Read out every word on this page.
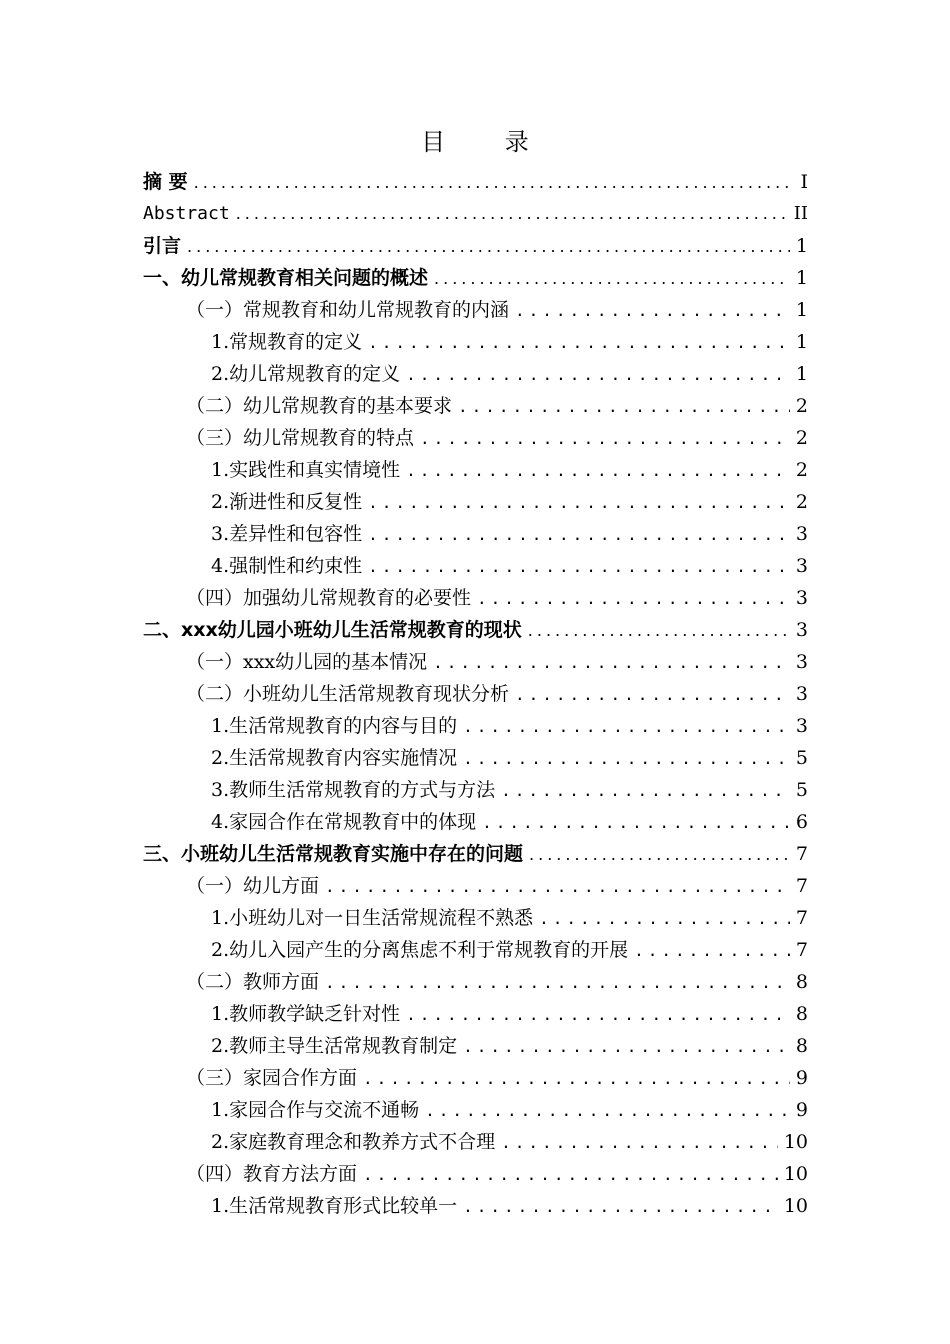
目 录
摘 要 .....	I
Abstract .....	II
引言 .....	1
一、幼儿常规教育相关问题的概述 .....	1
（一）常规教育和幼儿常规教育的内涵 .....	1
1.常规教育的定义 .....	1
2.幼儿常规教育的定义 .....	1
（二）幼儿常规教育的基本要求 .....	2
（三）幼儿常规教育的特点 .....	2
1.实践性和真实情境性 .....	2
2.渐进性和反复性 .....	2
3.差异性和包容性 .....	3
4.强制性和约束性 .....	3
（四）加强幼儿常规教育的必要性 .....	3
二、xxx幼儿园小班幼儿生活常规教育的现状 .....	3
（一）xxx幼儿园的基本情况 .....	3
（二）小班幼儿生活常规教育现状分析 .....	3
1.生活常规教育的内容与目的 .....	3
2.生活常规教育内容实施情况 .....	5
3.教师生活常规教育的方式与方法 .....	5
4.家园合作在常规教育中的体现 .....	6
三、小班幼儿生活常规教育实施中存在的问题 .....	7
（一）幼儿方面 .....	7
1.小班幼儿对一日生活常规流程不熟悉 .....	7
2.幼儿入园产生的分离焦虑不利于常规教育的开展 .....	7
（二）教师方面 .....	8
1.教师教学缺乏针对性 .....	8
2.教师主导生活常规教育制定 .....	8
（三）家园合作方面 .....	9
1.家园合作与交流不通畅 .....	9
2.家庭教育理念和教养方式不合理 .....	10
（四）教育方法方面 .....	10
1.生活常规教育形式比较单一 .....	10
